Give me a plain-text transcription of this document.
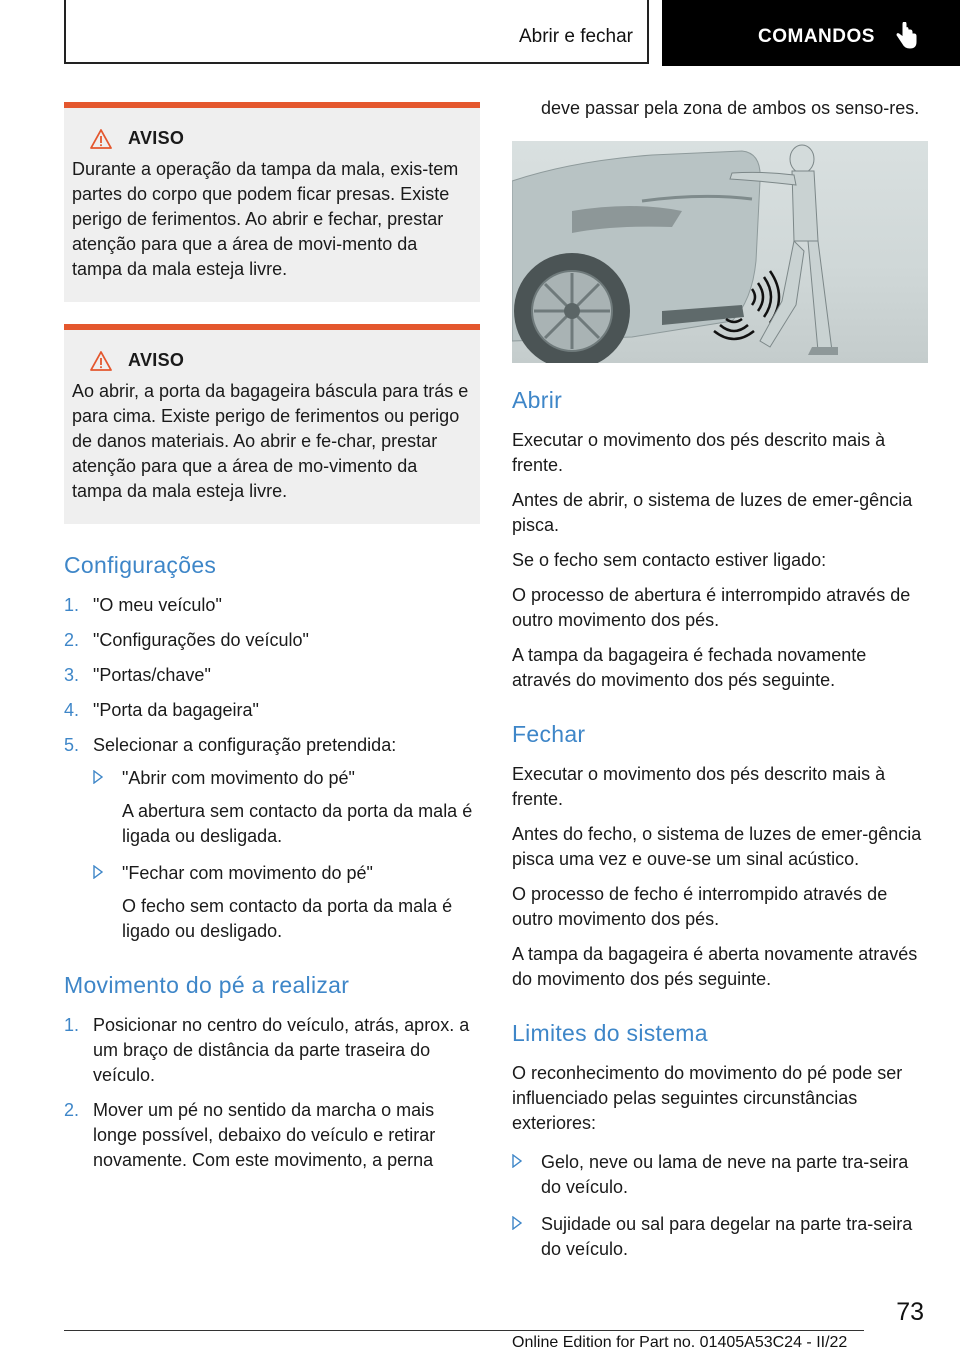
Abrir e fechar	COMANDOS
AVISO
Durante a operação da tampa da mala, exis-tem partes do corpo que podem ficar presas. Existe perigo de ferimentos. Ao abrir e fechar, prestar atenção para que a área de movi-mento da tampa da mala esteja livre.
AVISO
Ao abrir, a porta da bagageira báscula para trás e para cima. Existe perigo de ferimentos ou perigo de danos materiais. Ao abrir e fe-char, prestar atenção para que a área de mo-vimento da tampa da mala esteja livre.
Configurações
1. "O meu veículo"
2. "Configurações do veículo"
3. "Portas/chave"
4. "Porta da bagageira"
5. Selecionar a configuração pretendida:
"Abrir com movimento do pé"
A abertura sem contacto da porta da mala é ligada ou desligada.
"Fechar com movimento do pé"
O fecho sem contacto da porta da mala é ligado ou desligado.
Movimento do pé a realizar
1. Posicionar no centro do veículo, atrás, aprox. a um braço de distância da parte traseira do veículo.
2. Mover um pé no sentido da marcha o mais longe possível, debaixo do veículo e retirar novamente. Com este movimento, a perna

deve passar pela zona de ambos os senso-res.

Abrir

Executar o movimento dos pés descrito mais à frente.

Antes de abrir, o sistema de luzes de emer-gência pisca.

Se o fecho sem contacto estiver ligado:

O processo de abertura é interrompido através de outro movimento dos pés.

A tampa da bagageira é fechada novamente através do movimento dos pés seguinte.

Fechar

Executar o movimento dos pés descrito mais à frente.

Antes do fecho, o sistema de luzes de emer-gência pisca uma vez e ouve-se um sinal acústico.

O processo de fecho é interrompido através de outro movimento dos pés.

A tampa da bagageira é aberta novamente através do movimento dos pés seguinte.

Limites do sistema

O reconhecimento do movimento do pé pode ser influenciado pelas seguintes circunstâncias exteriores:

Gelo, neve ou lama de neve na parte tra-seira do veículo.
Sujidade ou sal para degelar na parte tra-seira do veículo.
73
Online Edition for Part no. 01405A53C24 - II/22
